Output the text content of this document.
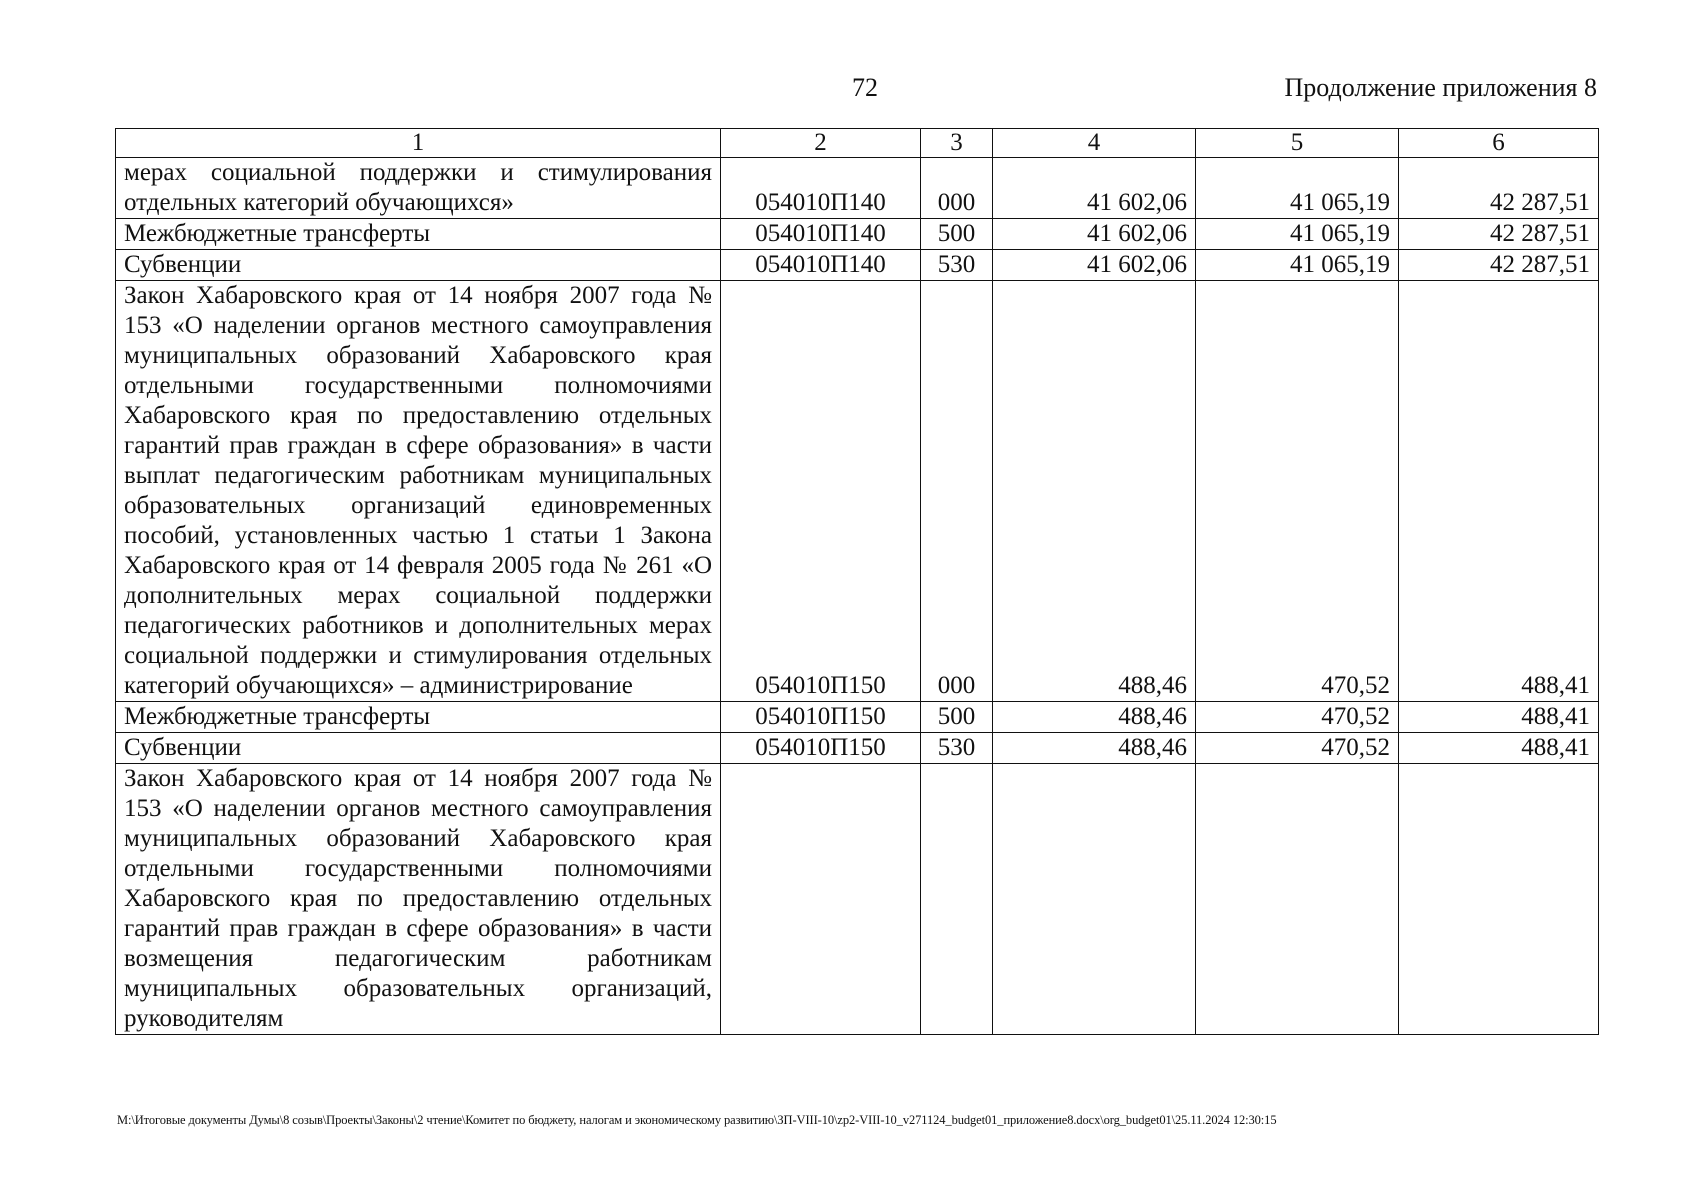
72	Продолжение приложения 8
1	2	3	4	5	6
мерах социальной поддержки и стимулирования отдельных категорий обучающихся»	054010П140	000	41 602,06	41 065,19	42 287,51
Межбюджетные трансферты	054010П140	500	41 602,06	41 065,19	42 287,51
Субвенции	054010П140	530	41 602,06	41 065,19	42 287,51
Закон Хабаровского края от 14 ноября 2007 года № 153 «О наделении органов местного самоуправления муниципальных образований Хабаровского края отдельными государственными полномочиями Хабаровского края по предоставлению отдельных гарантий прав граждан в сфере образования» в части выплат педагогическим работникам муниципальных образовательных организаций единовременных пособий, установленных частью 1 статьи 1 Закона Хабаровского края от 14 февраля 2005 года № 261 «О дополнительных мерах социальной поддержки педагогических работников и дополнительных мерах социальной поддержки и стимулирования отдельных категорий обучающихся» – администрирование	054010П150	000	488,46	470,52	488,41
Межбюджетные трансферты	054010П150	500	488,46	470,52	488,41
Субвенции	054010П150	530	488,46	470,52	488,41
Закон Хабаровского края от 14 ноября 2007 года № 153 «О наделении органов местного самоуправления муниципальных образований Хабаровского края отдельными государственными полномочиями Хабаровского края по предоставлению отдельных гарантий прав граждан в сфере образования» в части возмещения педагогическим работникам муниципальных образовательных организаций, руководителям					
M:\Итоговые документы Думы\8 созыв\Проекты\Законы\2 чтение\Комитет по бюджету, налогам и экономическому развитию\ЗП-VIII-10\zp2-VIII-10_v271124_budget01_приложение8.docx\org_budget01\25.11.2024 12:30:15
